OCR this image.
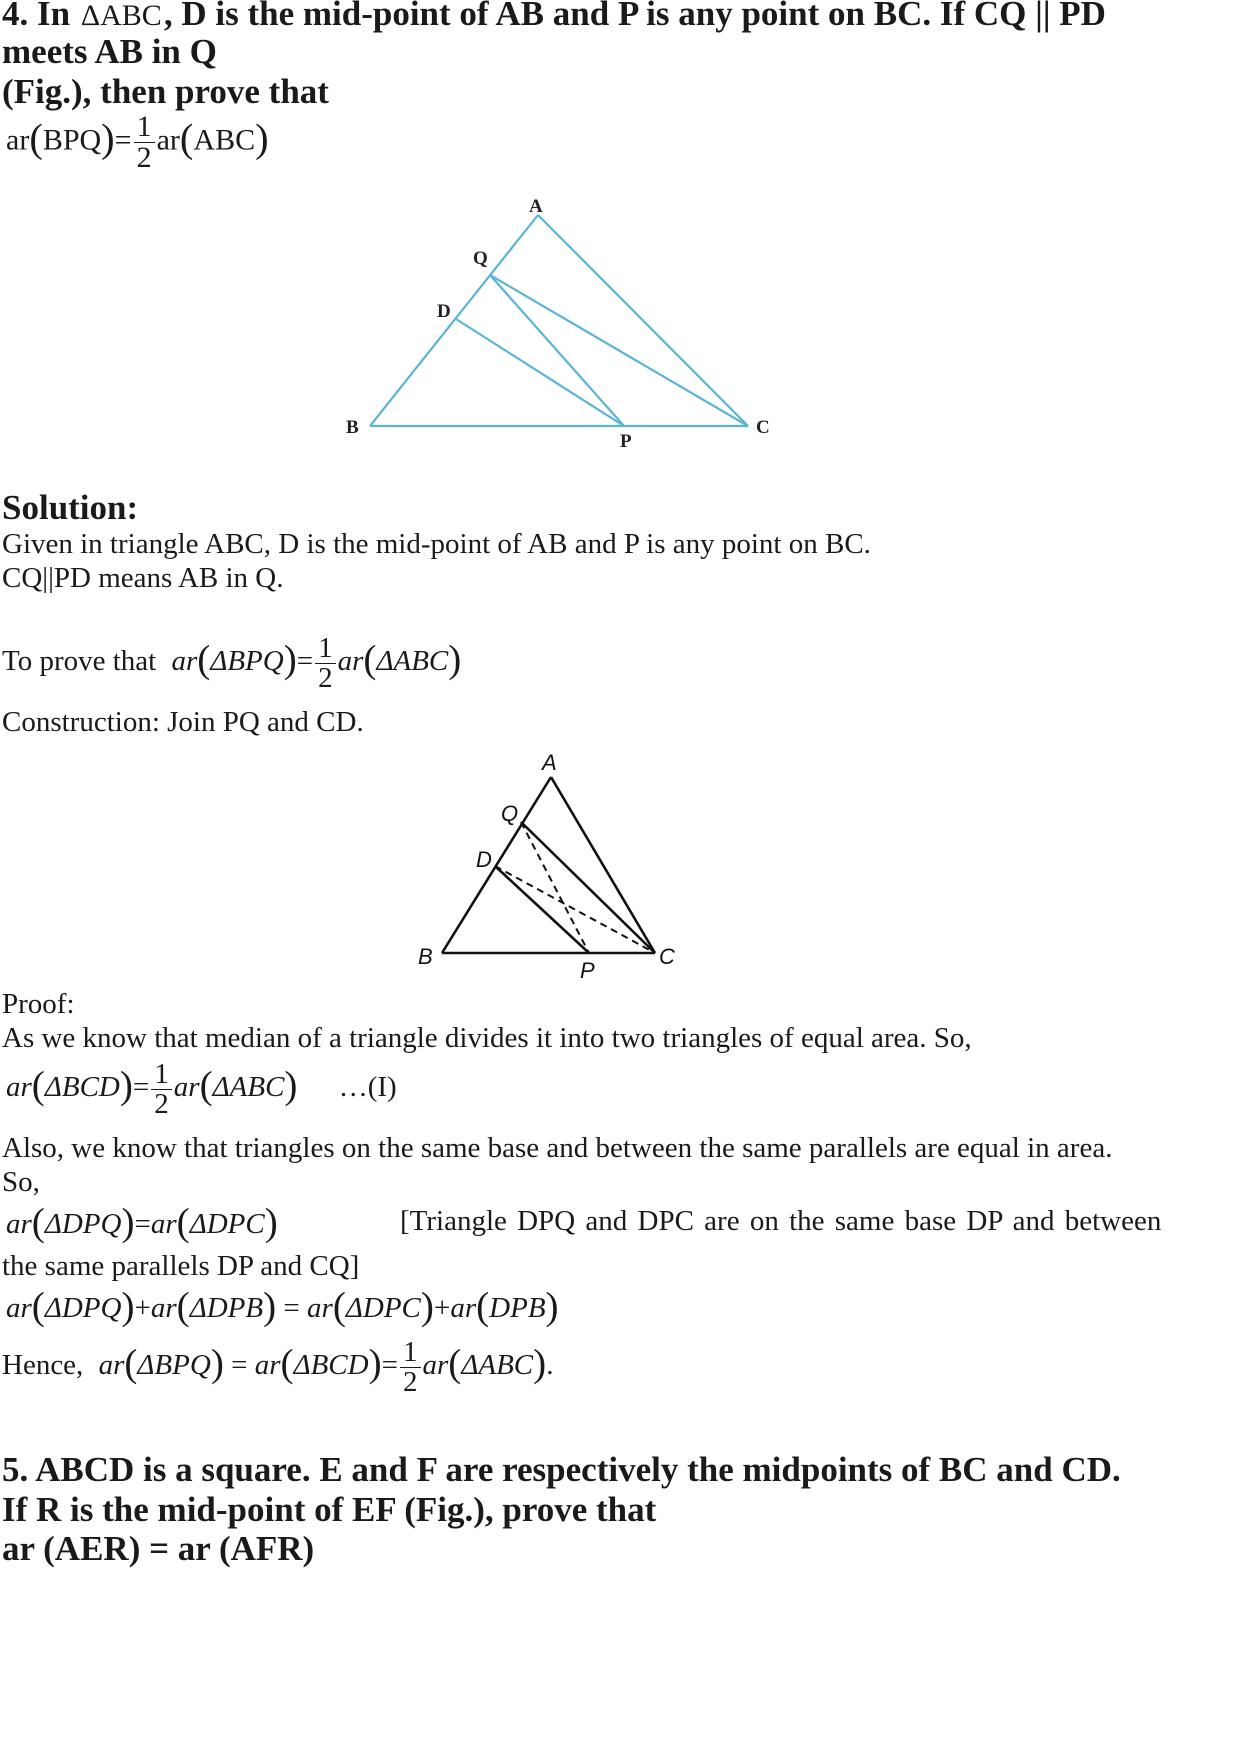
4. In ΔABC, D is the mid-point of AB and P is any point on BC. If CQ || PD
meets AB in Q
(Fig.), then prove that
$ar(BPQ)= \frac{1}{2} ar(ABC)$
A
Q
D
B
P
C
Solution:
Given in triangle ABC, D is the mid-point of AB and P is any point on BC.
CQ||PD means AB in Q.
To prove that $ar(\Delta BPQ)= \frac{1}{2} ar(\Delta ABC)$
Construction: Join PQ and CD.
A
Q
D
B
P
C
Proof:
As we know that median of a triangle divides it into two triangles of equal area. So,
$ar(\Delta BCD)= \frac{1}{2} ar(\Delta ABC)$ …(I)
Also, we know that triangles on the same base and between the same parallels are equal in area.
So,
ar(ΔDPQ)=ar(ΔDPC)	[Triangle DPQ and DPC are on the same base DP and between
the same parallels DP and CQ]
ar(ΔDPQ)+ar(ΔDPB) = ar(ΔDPC)+ar(DPB)
Hence, $ar(\Delta BPQ) = ar(\Delta BCD)= \frac{1}{2} ar(\Delta ABC)$.
5. ABCD is a square. E and F are respectively the midpoints of BC and CD.
If R is the mid-point of EF (Fig.), prove that
ar (AER) = ar (AFR)
